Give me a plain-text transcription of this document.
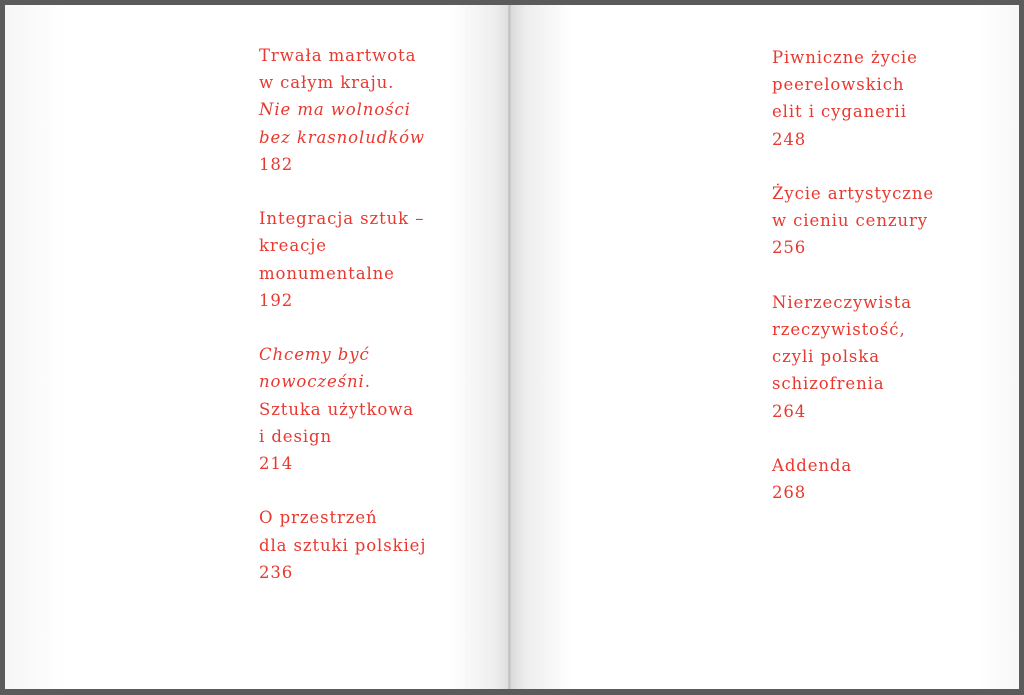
Trwała martwota
w całym kraju.
Nie ma wolności
bez krasnoludków
182
Integracja sztuk –
kreacje
monumentalne
192
Chcemy być
nowocześni.
Sztuka użytkowa
i design
214
O przestrzeń
dla sztuki polskiej
236
Piwniczne życie
peerelowskich
elit i cyganerii
248
Życie artystyczne
w cieniu cenzury
256
Nierzeczywista
rzeczywistość,
czyli polska
schizofrenia
264
Addenda
268
